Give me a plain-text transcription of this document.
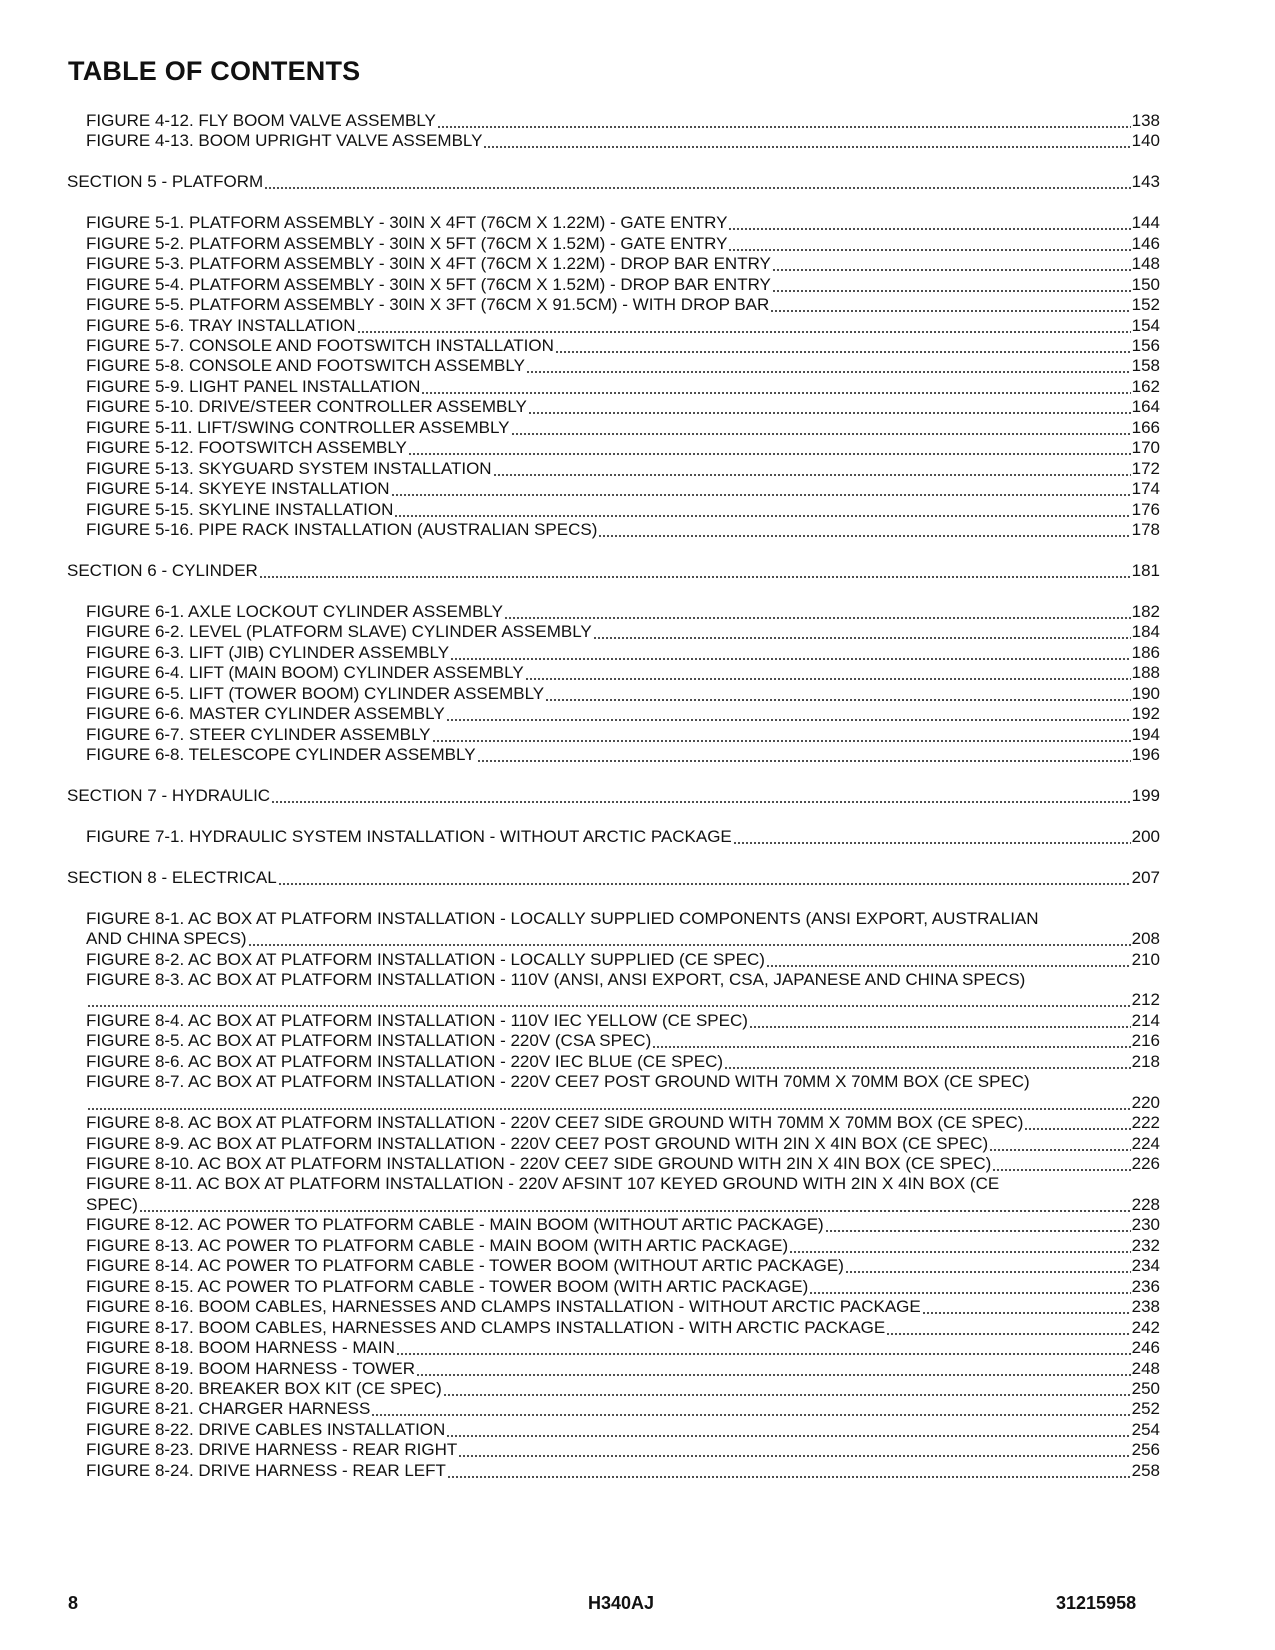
TABLE OF CONTENTS
FIGURE 4-12. FLY BOOM VALVE ASSEMBLY	138
FIGURE 4-13. BOOM UPRIGHT VALVE ASSEMBLY	140
SECTION 5 - PLATFORM	143
FIGURE 5-1. PLATFORM ASSEMBLY - 30IN X 4FT (76CM X 1.22M) - GATE ENTRY	144
FIGURE 5-2. PLATFORM ASSEMBLY - 30IN X 5FT (76CM X 1.52M) - GATE ENTRY	146
FIGURE 5-3. PLATFORM ASSEMBLY - 30IN X 4FT (76CM X 1.22M) - DROP BAR ENTRY	148
FIGURE 5-4. PLATFORM ASSEMBLY - 30IN X 5FT (76CM X 1.52M) - DROP BAR ENTRY	150
FIGURE 5-5. PLATFORM ASSEMBLY - 30IN X 3FT (76CM X 91.5CM) - WITH DROP BAR	152
FIGURE 5-6. TRAY INSTALLATION	154
FIGURE 5-7. CONSOLE AND FOOTSWITCH INSTALLATION	156
FIGURE 5-8. CONSOLE AND FOOTSWITCH ASSEMBLY	158
FIGURE 5-9. LIGHT PANEL INSTALLATION	162
FIGURE 5-10. DRIVE/STEER CONTROLLER ASSEMBLY	164
FIGURE 5-11. LIFT/SWING CONTROLLER ASSEMBLY	166
FIGURE 5-12. FOOTSWITCH ASSEMBLY	170
FIGURE 5-13. SKYGUARD SYSTEM INSTALLATION	172
FIGURE 5-14. SKYEYE INSTALLATION	174
FIGURE 5-15. SKYLINE INSTALLATION	176
FIGURE 5-16. PIPE RACK INSTALLATION (AUSTRALIAN SPECS)	178
SECTION 6 - CYLINDER	181
FIGURE 6-1. AXLE LOCKOUT CYLINDER ASSEMBLY	182
FIGURE 6-2. LEVEL (PLATFORM SLAVE) CYLINDER ASSEMBLY	184
FIGURE 6-3. LIFT (JIB) CYLINDER ASSEMBLY	186
FIGURE 6-4. LIFT (MAIN BOOM) CYLINDER ASSEMBLY	188
FIGURE 6-5. LIFT (TOWER BOOM) CYLINDER ASSEMBLY	190
FIGURE 6-6. MASTER CYLINDER ASSEMBLY	192
FIGURE 6-7. STEER CYLINDER ASSEMBLY	194
FIGURE 6-8. TELESCOPE CYLINDER ASSEMBLY	196
SECTION 7 - HYDRAULIC	199
FIGURE 7-1. HYDRAULIC SYSTEM INSTALLATION - WITHOUT ARCTIC PACKAGE	200
SECTION 8 - ELECTRICAL	207
FIGURE 8-1. AC BOX AT PLATFORM INSTALLATION - LOCALLY SUPPLIED COMPONENTS (ANSI EXPORT, AUSTRALIAN
AND CHINA SPECS)	208
FIGURE 8-2. AC BOX AT PLATFORM INSTALLATION - LOCALLY SUPPLIED (CE SPEC)	210
FIGURE 8-3. AC BOX AT PLATFORM INSTALLATION - 110V (ANSI, ANSI EXPORT, CSA, JAPANESE AND CHINA SPECS)
212
FIGURE 8-4. AC BOX AT PLATFORM INSTALLATION - 110V IEC YELLOW (CE SPEC)	214
FIGURE 8-5. AC BOX AT PLATFORM INSTALLATION - 220V (CSA SPEC)	216
FIGURE 8-6. AC BOX AT PLATFORM INSTALLATION - 220V IEC BLUE (CE SPEC)	218
FIGURE 8-7. AC BOX AT PLATFORM INSTALLATION - 220V CEE7 POST GROUND WITH 70MM X 70MM BOX (CE SPEC)
220
FIGURE 8-8. AC BOX AT PLATFORM INSTALLATION - 220V CEE7 SIDE GROUND WITH 70MM X 70MM BOX (CE SPEC)	222
FIGURE 8-9. AC BOX AT PLATFORM INSTALLATION - 220V CEE7 POST GROUND WITH 2IN X 4IN BOX (CE SPEC)	224
FIGURE 8-10. AC BOX AT PLATFORM INSTALLATION - 220V CEE7 SIDE GROUND WITH 2IN X 4IN BOX (CE SPEC)	226
FIGURE 8-11. AC BOX AT PLATFORM INSTALLATION - 220V AFSINT 107 KEYED GROUND WITH 2IN X 4IN BOX (CE
SPEC)	228
FIGURE 8-12. AC POWER TO PLATFORM CABLE - MAIN BOOM (WITHOUT ARTIC PACKAGE)	230
FIGURE 8-13. AC POWER TO PLATFORM CABLE - MAIN BOOM (WITH ARTIC PACKAGE)	232
FIGURE 8-14. AC POWER TO PLATFORM CABLE - TOWER BOOM (WITHOUT ARTIC PACKAGE)	234
FIGURE 8-15. AC POWER TO PLATFORM CABLE - TOWER BOOM (WITH ARTIC PACKAGE)	236
FIGURE 8-16. BOOM CABLES, HARNESSES AND CLAMPS INSTALLATION - WITHOUT ARCTIC PACKAGE	238
FIGURE 8-17. BOOM CABLES, HARNESSES AND CLAMPS INSTALLATION - WITH ARCTIC PACKAGE	242
FIGURE 8-18. BOOM HARNESS - MAIN	246
FIGURE 8-19. BOOM HARNESS - TOWER	248
FIGURE 8-20. BREAKER BOX KIT (CE SPEC)	250
FIGURE 8-21. CHARGER HARNESS	252
FIGURE 8-22. DRIVE CABLES INSTALLATION	254
FIGURE 8-23. DRIVE HARNESS - REAR RIGHT	256
FIGURE 8-24. DRIVE HARNESS - REAR LEFT	258
8	H340AJ	31215958
